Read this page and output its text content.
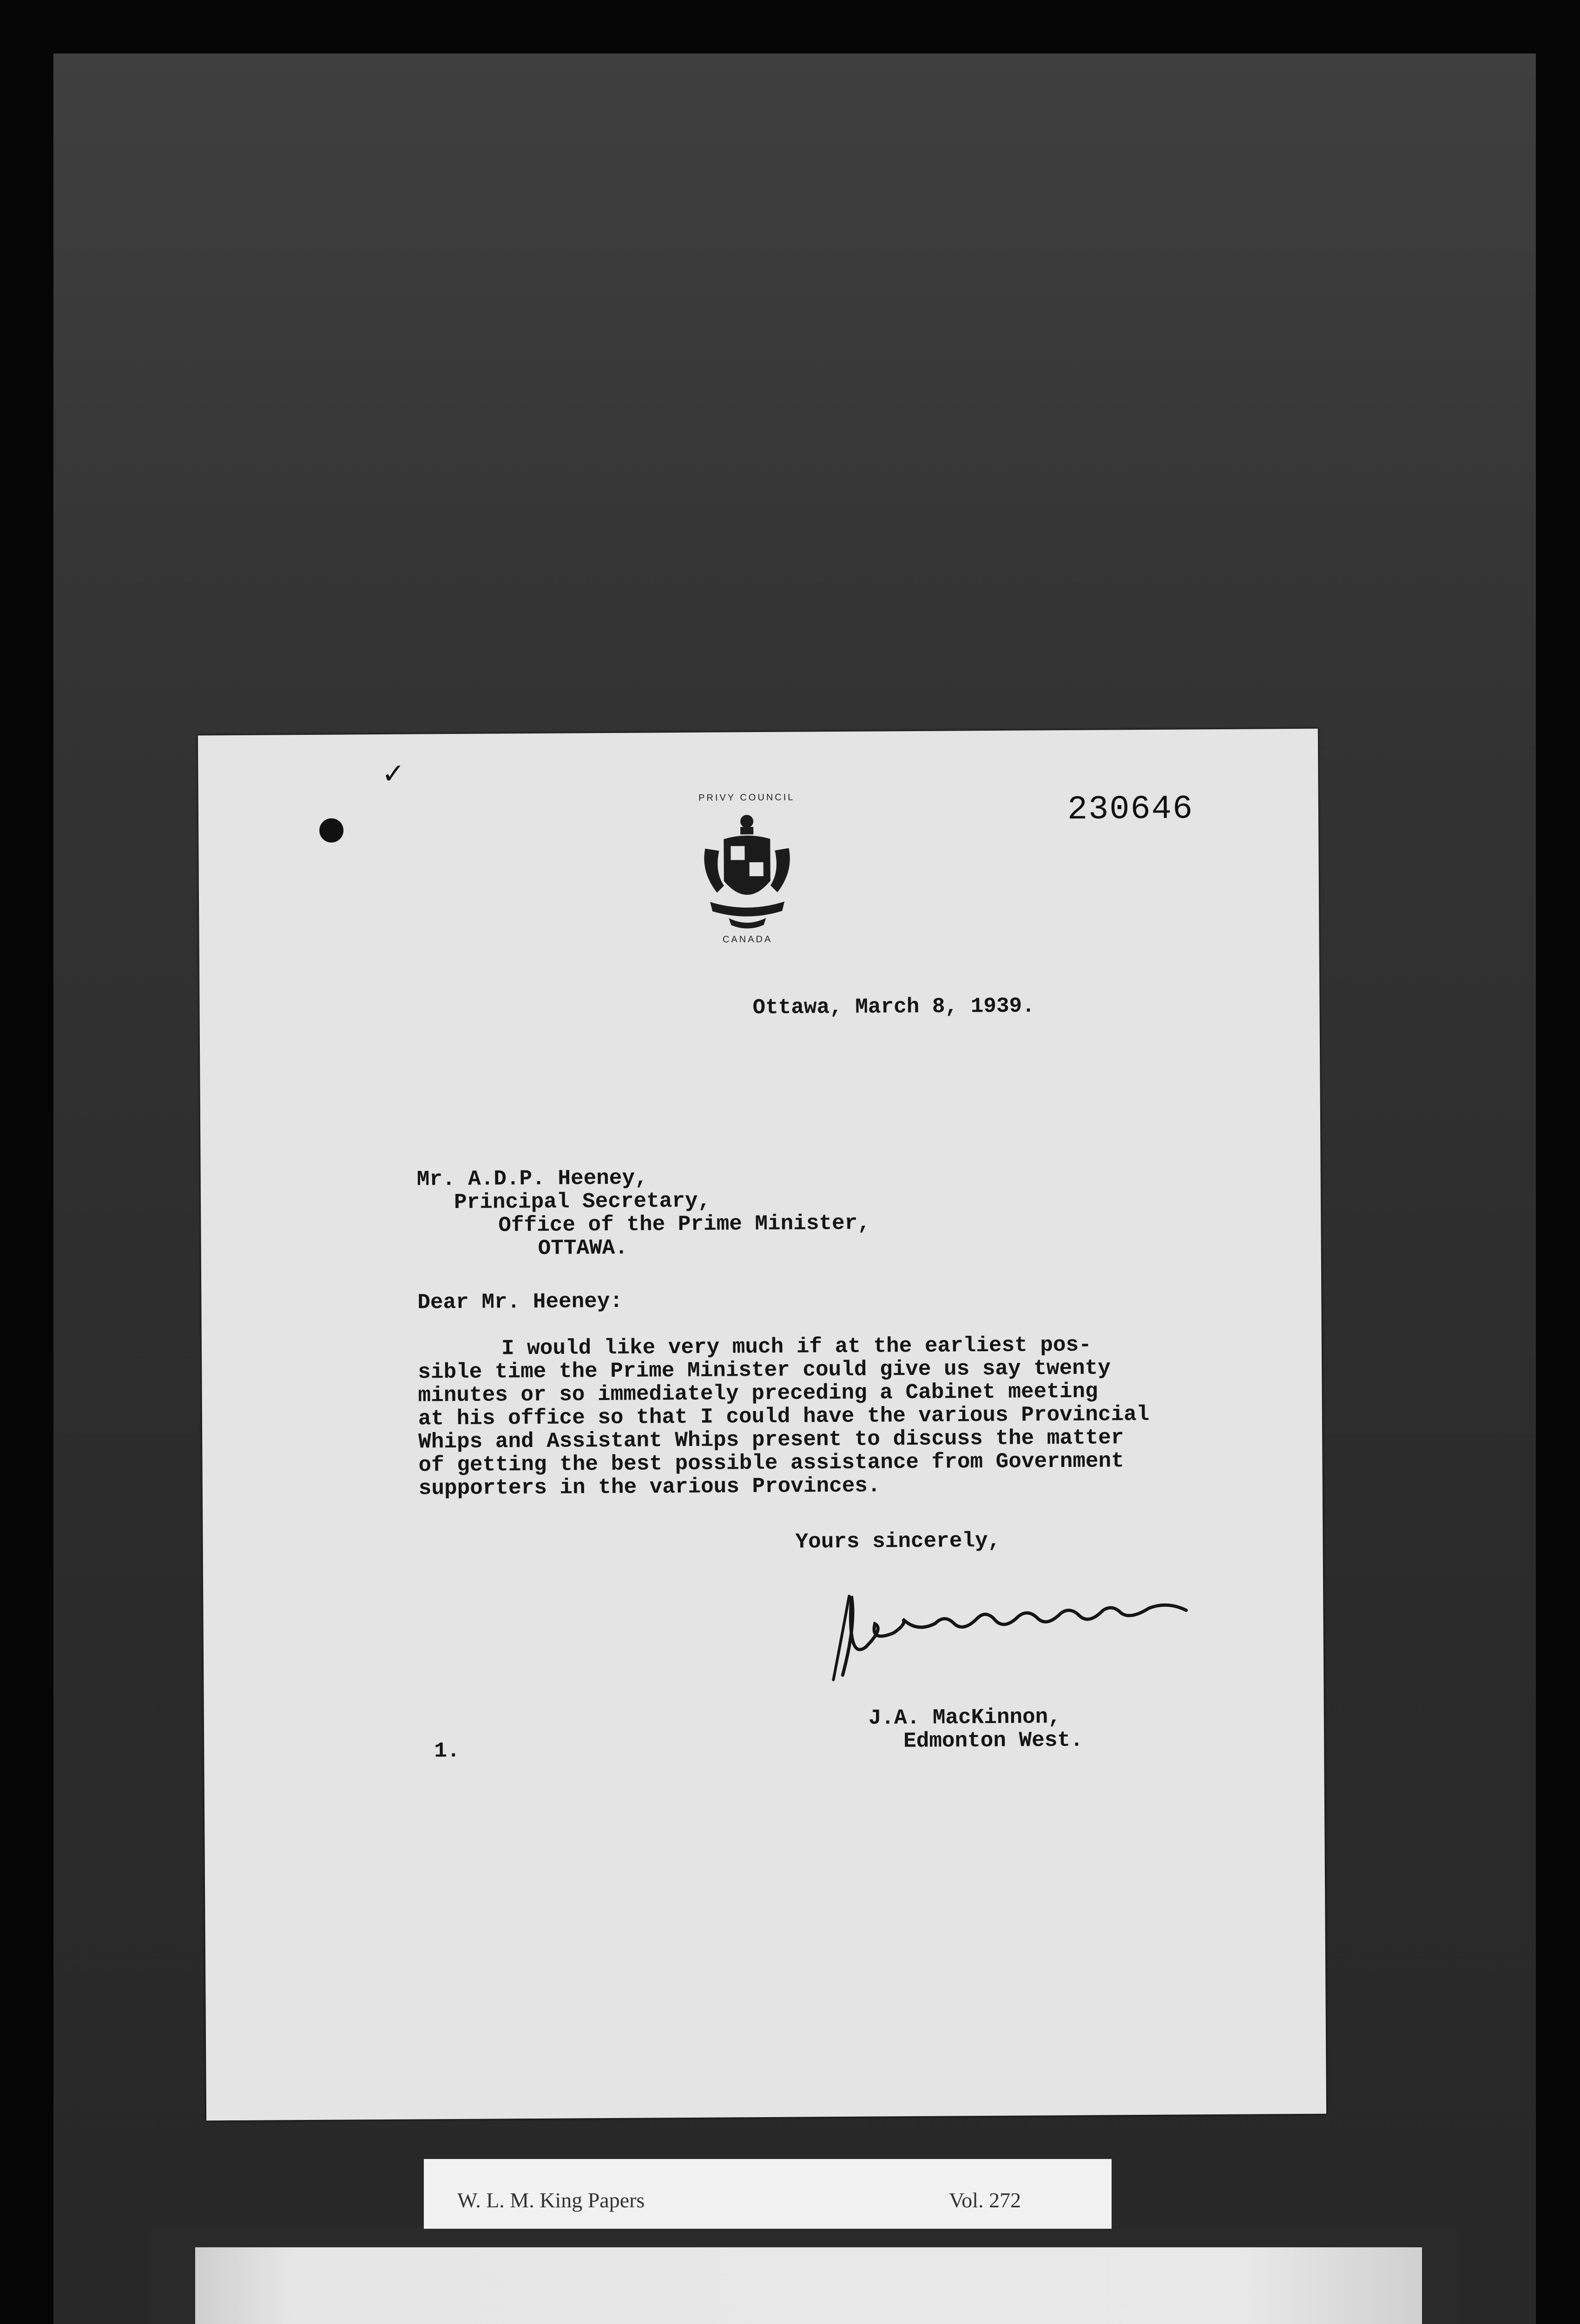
✓
PRIVY COUNCIL
CANADA
230646
Ottawa, March 8, 1939.
Mr. A.D.P. Heeney,
Principal Secretary,
Office of the Prime Minister,
OTTAWA.
Dear Mr. Heeney:
I would like very much if at the earliest pos-
sible time the Prime Minister could give us say twenty
minutes or so immediately preceding a Cabinet meeting
at his office so that I could have the various Provincial
Whips and Assistant Whips present to discuss the matter
of getting the best possible assistance from Government
supporters in the various Provinces.
Yours sincerely,
J.A. MacKinnon,
Edmonton West.
1.
W. L. M. King Papers	Vol. 272
